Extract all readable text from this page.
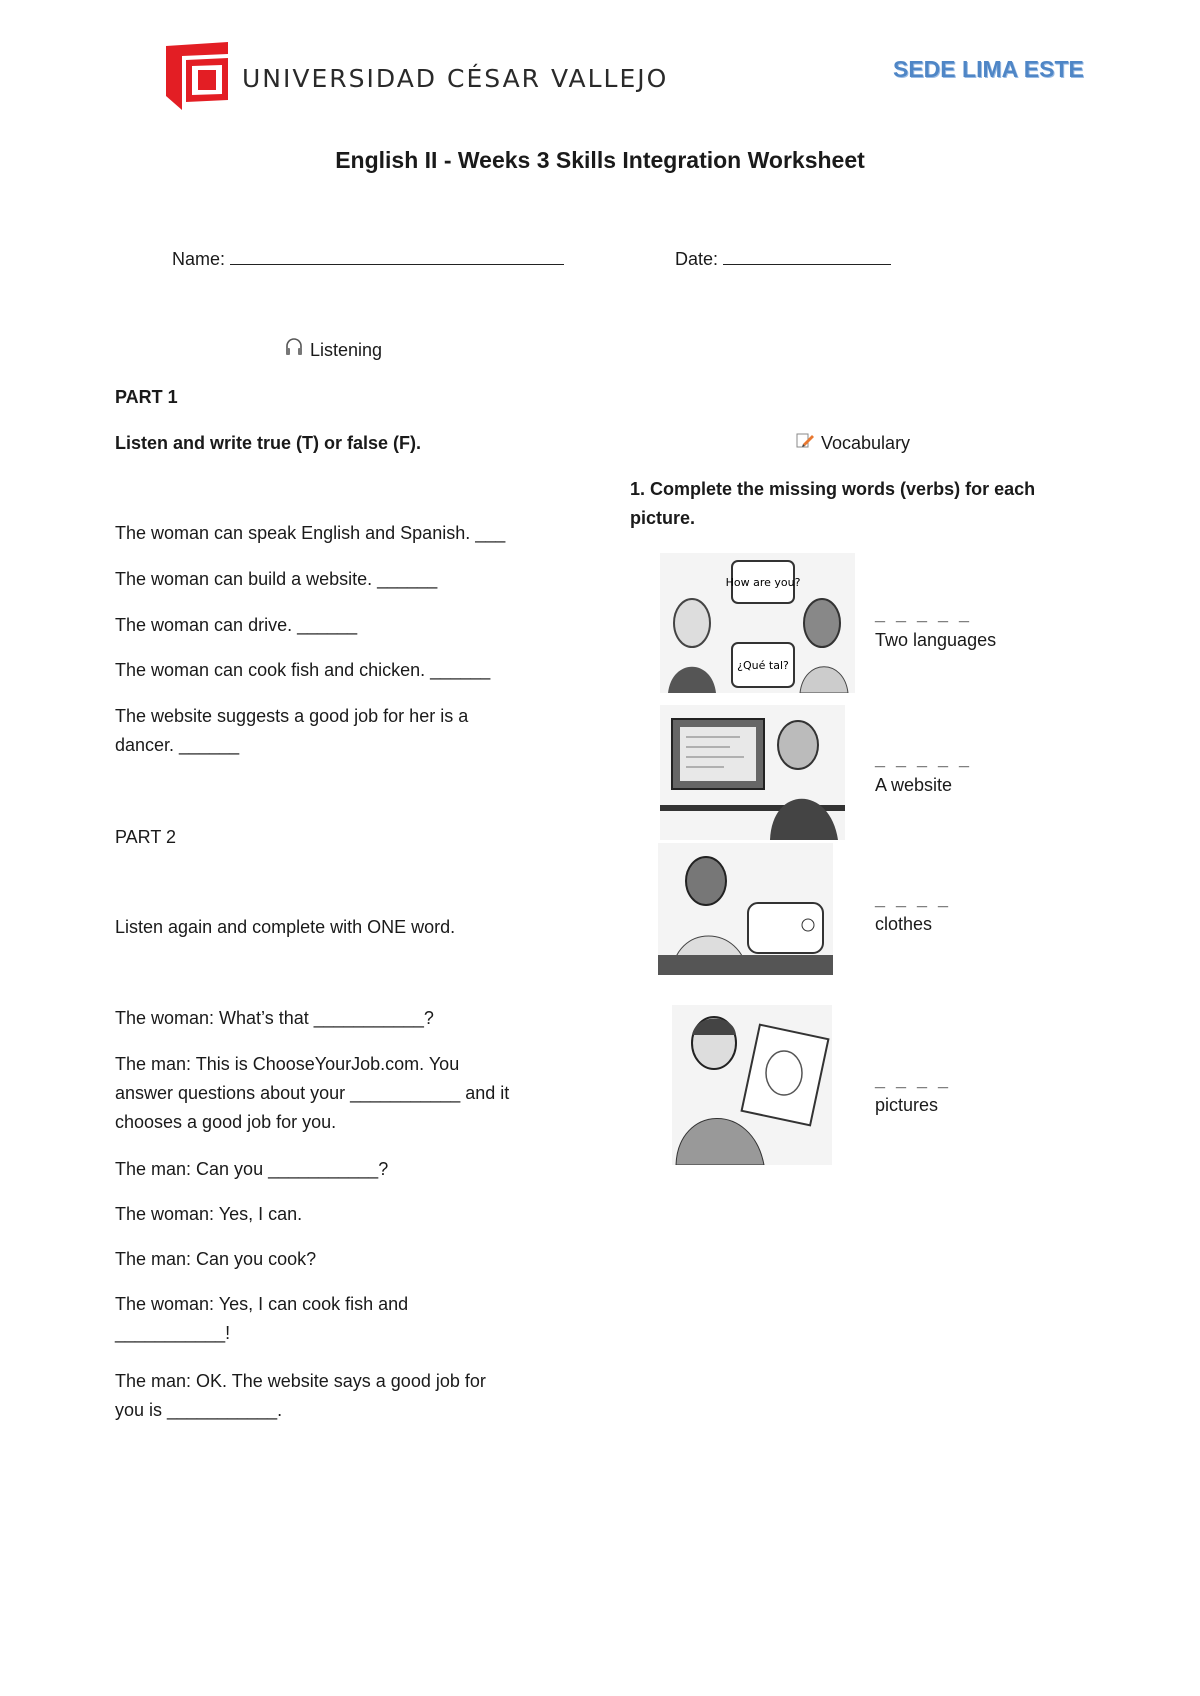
UNIVERSIDAD CÉSAR VALLEJO	SEDE LIMA ESTE
English II - Weeks 3 Skills Integration Worksheet
Name:	Date:
Listening
PART 1
Listen and write true (T) or false (F).
The woman can speak English and Spanish. ___
The woman can build a website. ______
The woman can drive. ______
The woman can cook fish and chicken. ______
The website suggests a good job for her is a
dancer. ______
PART 2
Listen again and complete with ONE word.
The woman: What’s that ___________?
The man: This is ChooseYourJob.com. You
answer questions about your ___________ and it
chooses a good job for you.
The man: Can you ___________?
The woman: Yes, I can.
The man: Can you cook?
The woman: Yes, I can cook fish and
___________!
The man: OK. The website says a good job for
you is ___________.
Vocabulary
1. Complete the missing words (verbs) for each
picture.
How are you?
¿Qué tal?
_ _ _ _ _
Two languages
_ _ _ _ _
A website
_ _ _ _
clothes
_ _ _ _
pictures
